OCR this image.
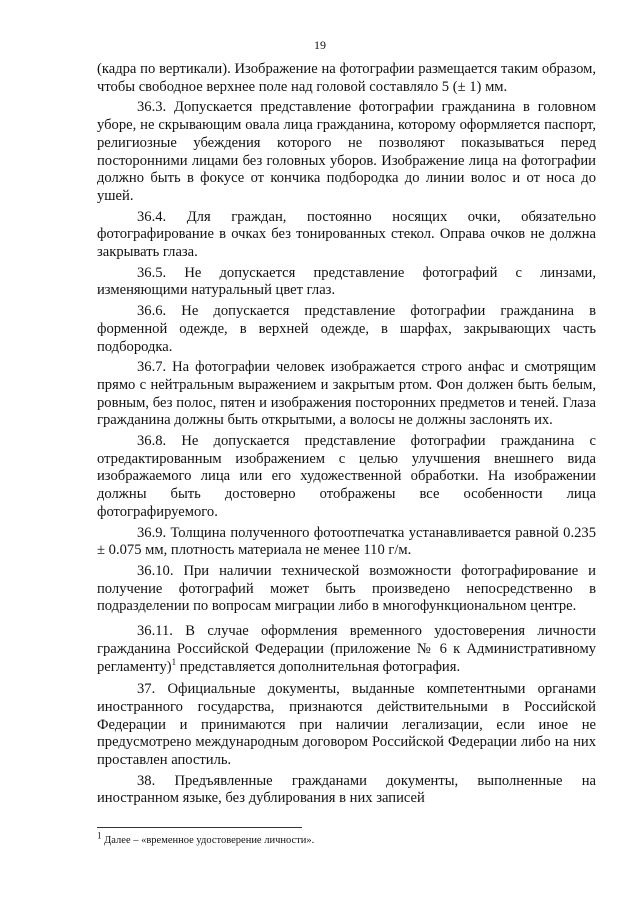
19

(кадра по вертикали). Изображение на фотографии размещается таким образом, чтобы свободное верхнее поле над головой составляло 5 (± 1) мм.

36.3. Допускается представление фотографии гражданина в головном уборе, не скрывающим овала лица гражданина, которому оформляется паспорт, религиозные убеждения которого не позволяют показываться перед посторонними лицами без головных уборов. Изображение лица на фотографии должно быть в фокусе от кончика подбородка до линии волос и от носа до ушей.

36.4. Для граждан, постоянно носящих очки, обязательно фотографирование в очках без тонированных стекол. Оправа очков не должна закрывать глаза.

36.5. Не допускается представление фотографий с линзами, изменяющими натуральный цвет глаз.

36.6. Не допускается представление фотографии гражданина в форменной одежде, в верхней одежде, в шарфах, закрывающих часть подбородка.

36.7. На фотографии человек изображается строго анфас и смотрящим прямо с нейтральным выражением и закрытым ртом. Фон должен быть белым, ровным, без полос, пятен и изображения посторонних предметов и теней. Глаза гражданина должны быть открытыми, а волосы не должны заслонять их.

36.8. Не допускается представление фотографии гражданина с отредактированным изображением с целью улучшения внешнего вида изображаемого лица или его художественной обработки. На изображении должны быть достоверно отображены все особенности лица фотографируемого.

36.9. Толщина полученного фотоотпечатка устанавливается равной 0.235 ± 0.075 мм, плотность материала не менее 110 г/м.

36.10. При наличии технической возможности фотографирование и получение фотографий может быть произведено непосредственно в подразделении по вопросам миграции либо в многофункциональном центре.

36.11. В случае оформления временного удостоверения личности гражданина Российской Федерации (приложение № 6 к Административному регламенту)$^1$ представляется дополнительная фотография.

37. Официальные документы, выданные компетентными органами иностранного государства, признаются действительными в Российской Федерации и принимаются при наличии легализации, если иное не предусмотрено международным договором Российской Федерации либо на них проставлен апостиль.

38. Предъявленные гражданами документы, выполненные на иностранном языке, без дублирования в них записей

$^1$ Далее – «временное удостоверение личности».
